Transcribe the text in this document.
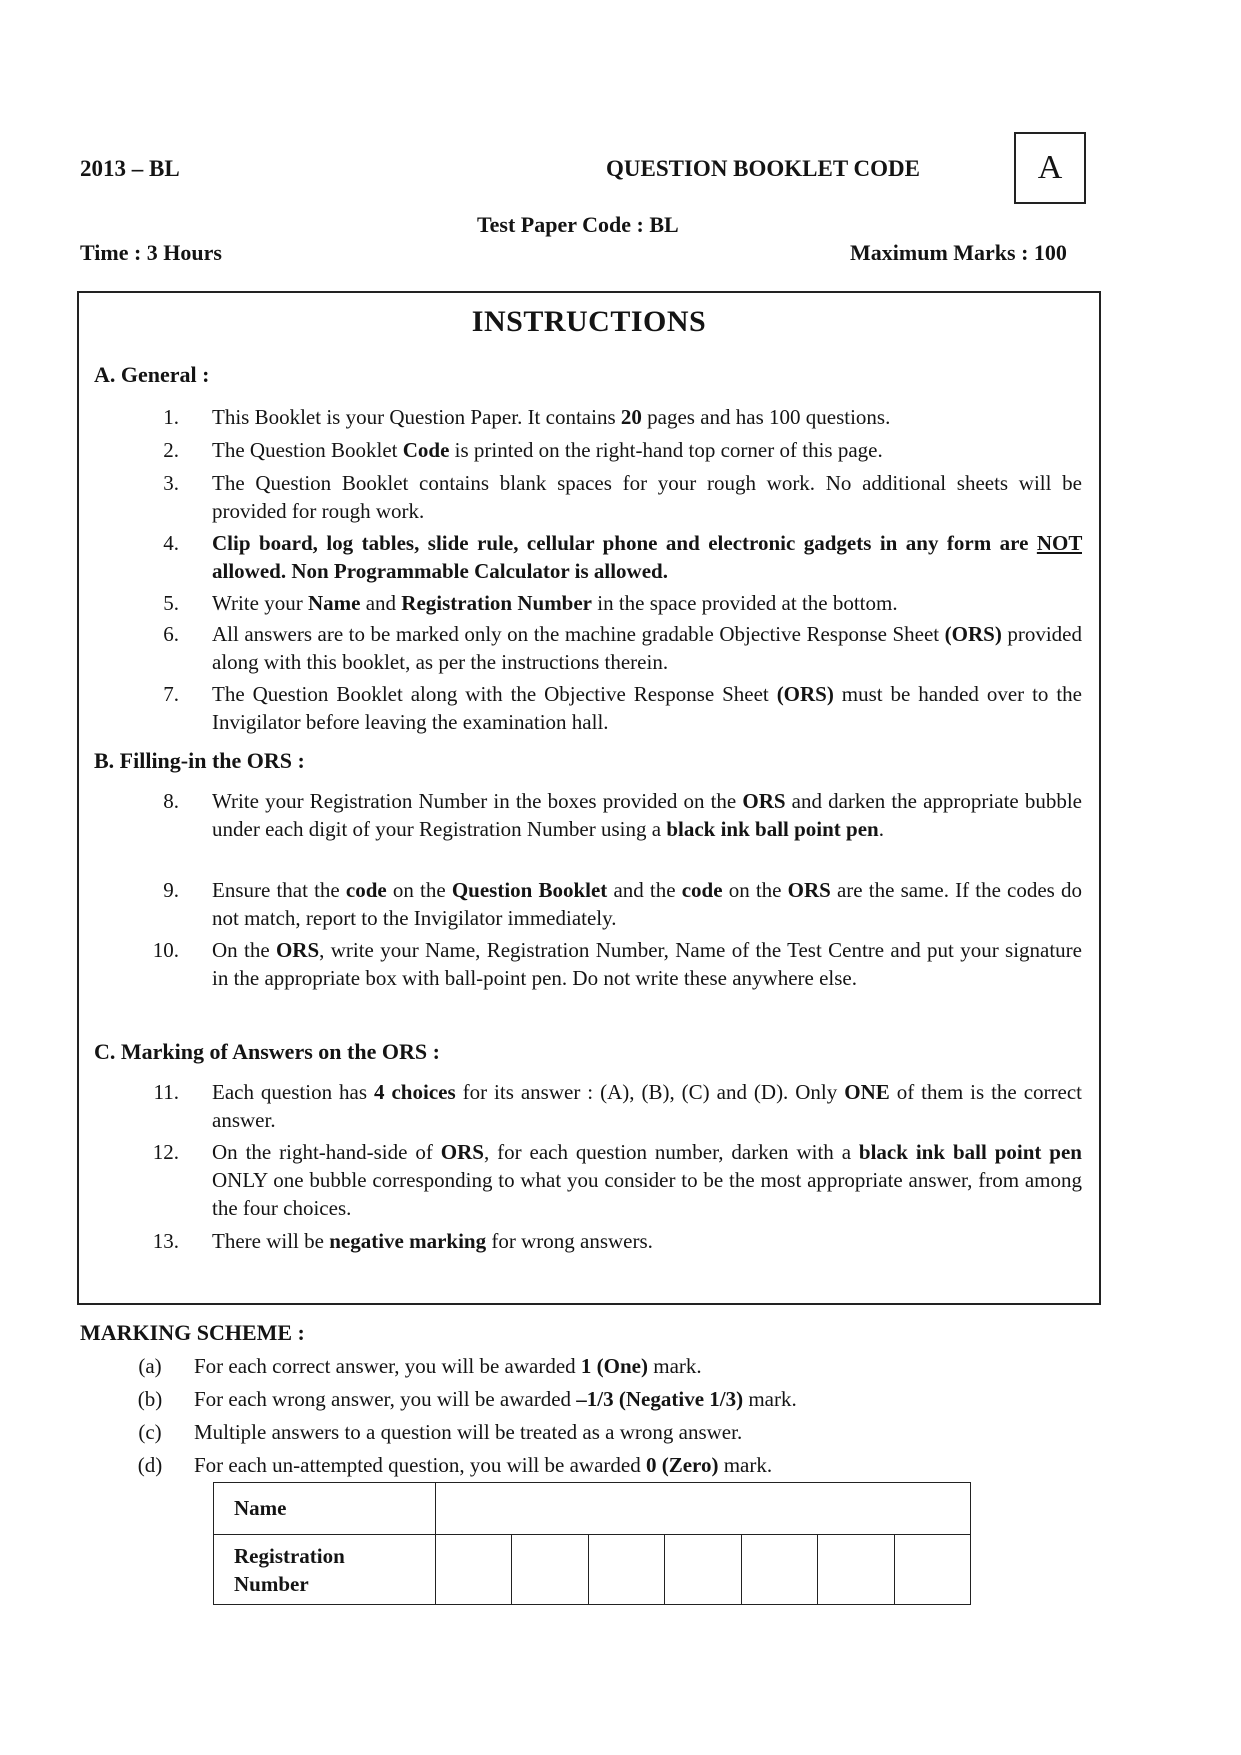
2013 – BL	QUESTION BOOKLET CODE	A
Test Paper Code : BL
Time : 3 Hours	Maximum Marks : 100
INSTRUCTIONS
A. General :
1. This Booklet is your Question Paper. It contains 20 pages and has 100 questions.
2. The Question Booklet Code is printed on the right-hand top corner of this page.
3. The Question Booklet contains blank spaces for your rough work. No additional sheets will be provided for rough work.
4. Clip board, log tables, slide rule, cellular phone and electronic gadgets in any form are NOT allowed. Non Programmable Calculator is allowed.
5. Write your Name and Registration Number in the space provided at the bottom.
6. All answers are to be marked only on the machine gradable Objective Response Sheet (ORS) provided along with this booklet, as per the instructions therein.
7. The Question Booklet along with the Objective Response Sheet (ORS) must be handed over to the Invigilator before leaving the examination hall.
B. Filling-in the ORS :
8. Write your Registration Number in the boxes provided on the ORS and darken the appropriate bubble under each digit of your Registration Number using a black ink ball point pen.
9. Ensure that the code on the Question Booklet and the code on the ORS are the same. If the codes do not match, report to the Invigilator immediately.
10. On the ORS, write your Name, Registration Number, Name of the Test Centre and put your signature in the appropriate box with ball-point pen. Do not write these anywhere else.
C. Marking of Answers on the ORS :
11. Each question has 4 choices for its answer : (A), (B), (C) and (D). Only ONE of them is the correct answer.
12. On the right-hand-side of ORS, for each question number, darken with a black ink ball point pen ONLY one bubble corresponding to what you consider to be the most appropriate answer, from among the four choices.
13. There will be negative marking for wrong answers.
MARKING SCHEME :
(a)	For each correct answer, you will be awarded 1 (One) mark.
(b)	For each wrong answer, you will be awarded –1/3 (Negative 1/3) mark.
(c)	Multiple answers to a question will be treated as a wrong answer.
(d)	For each un-attempted question, you will be awarded 0 (Zero) mark.
Name							
Registration
Number							
